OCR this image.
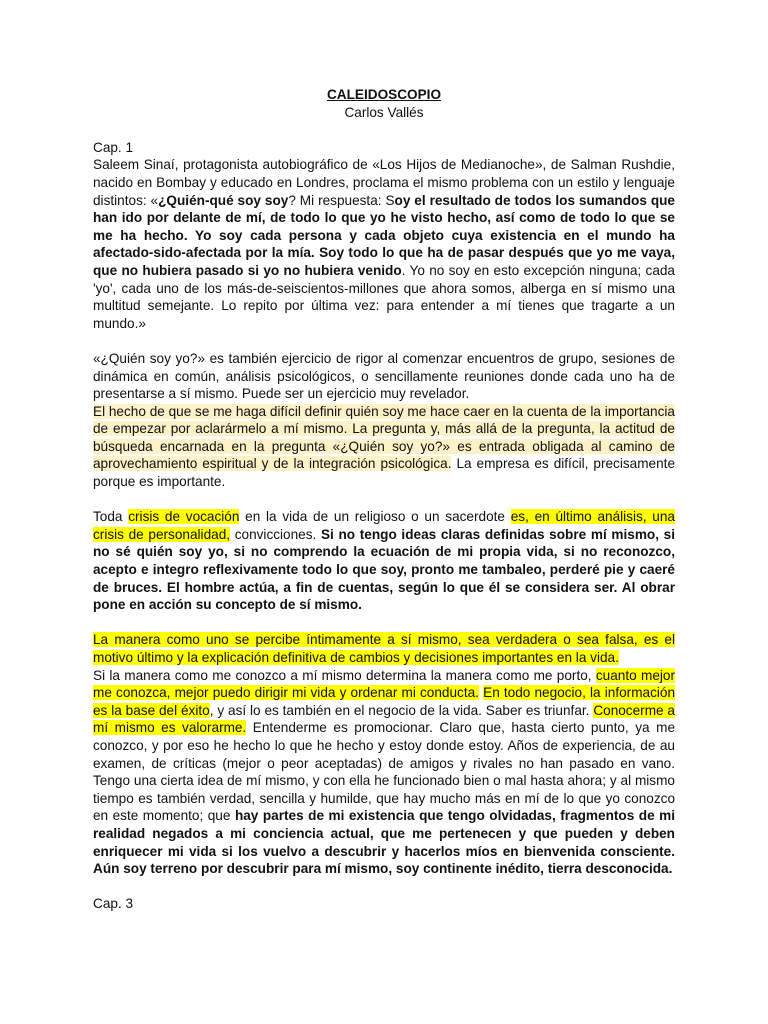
CALEIDOSCOPIO
Carlos Vallés
Cap. 1

Saleem Sinaí, protagonista autobiográfico de «Los Hijos de Medianoche», de Salman Rushdie, nacido en Bombay y educado en Londres, proclama el mismo problema con un estilo y lenguaje distintos: «¿Quién-qué soy soy? Mi respuesta: Soy el resultado de todos los sumandos que han ido por delante de mí, de todo lo que yo he visto hecho, así como de todo lo que se me ha hecho. Yo soy cada persona y cada objeto cuya existencia en el mundo ha afectado-sido-afectada por la mía. Soy todo lo que ha de pasar después que yo me vaya, que no hubiera pasado si yo no hubiera venido. Yo no soy en esto excepción ninguna; cada 'yo', cada uno de los más-de-seiscientos-millones que ahora somos, alberga en sí mismo una multitud semejante. Lo repito por última vez: para entender a mí tienes que tragarte a un mundo.»

«¿Quién soy yo?» es también ejercicio de rigor al comenzar encuentros de grupo, sesiones de dinámica en común, análisis psicológicos, o sencillamente reuniones donde cada uno ha de presentarse a sí mismo. Puede ser un ejercicio muy revelador.

El hecho de que se me haga difícil definir quién soy me hace caer en la cuenta de la importancia de empezar por aclarármelo a mí mismo. La pregunta y, más allá de la pregunta, la actitud de búsqueda encarnada en la pregunta «¿Quién soy yo?» es entrada obligada al camino de aprovechamiento espiritual y de la integración psicológica. La empresa es difícil, precisamente porque es importante.

Toda crisis de vocación en la vida de un religioso o un sacerdote es, en último análisis, una crisis de personalidad, convicciones. Si no tengo ideas claras definidas sobre mí mismo, si no sé quién soy yo, si no comprendo la ecuación de mi propia vida, si no reconozco, acepto e integro reflexivamente todo lo que soy, pronto me tambaleo, perderé pie y caeré de bruces. El hombre actúa, a fin de cuentas, según lo que él se considera ser. Al obrar pone en acción su concepto de sí mismo.

La manera como uno se percibe íntimamente a sí mismo, sea verdadera o sea falsa, es el motivo último y la explicación definitiva de cambios y decisiones importantes en la vida.

Si la manera como me conozco a mí mismo determina la manera como me porto, cuanto mejor me conozca, mejor puedo dirigir mi vida y ordenar mi conducta. En todo negocio, la información es la base del éxito, y así lo es también en el negocio de la vida. Saber es triunfar. Conocerme a mí mismo es valorarme. Entenderme es promocionar. Claro que, hasta cierto punto, ya me conozco, y por eso he hecho lo que he hecho y estoy donde estoy. Años de experiencia, de au examen, de críticas (mejor o peor aceptadas) de amigos y rivales no han pasado en vano. Tengo una cierta idea de mí mismo, y con ella he funcionado bien o mal hasta ahora; y al mismo tiempo es también verdad, sencilla y humilde, que hay mucho más en mí de lo que yo conozco en este momento; que hay partes de mi existencia que tengo olvidadas, fragmentos de mi realidad negados a mi conciencia actual, que me pertenecen y que pueden y deben enriquecer mi vida si los vuelvo a descubrir y hacerlos míos en bienvenida consciente. Aún soy terreno por descubrir para mí mismo, soy continente inédito, tierra desconocida.

Cap. 3
